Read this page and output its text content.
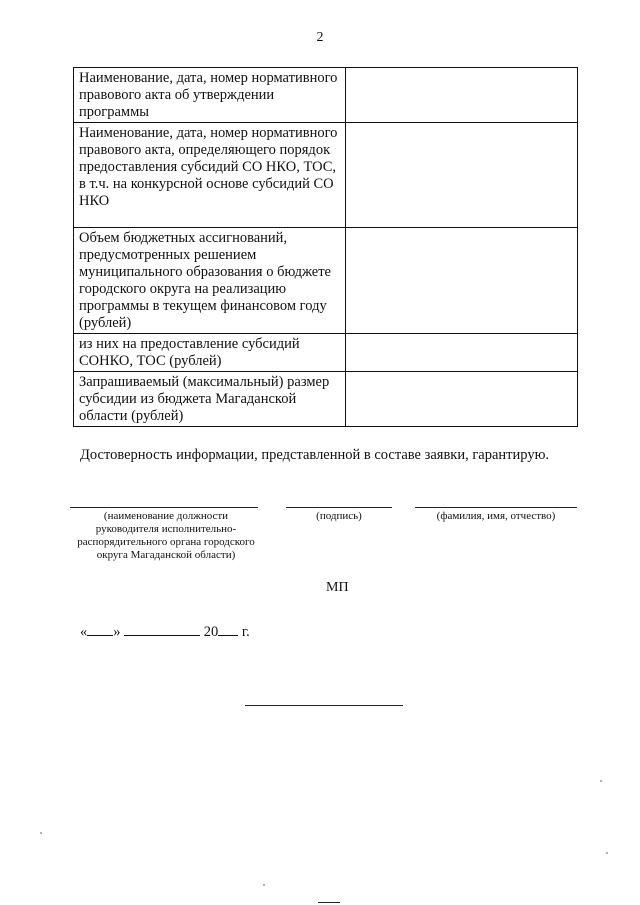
2
Наименование, дата, номер нормативного правового акта об утверждении программы	
Наименование, дата, номер нормативного правового акта, определяющего порядок предоставления субсидий СО НКО, ТОС, в т.ч. на конкурсной основе субсидий СО НКО	
Объем бюджетных ассигнований, предусмотренных решением муниципального образования о бюджете городского округа на реализацию программы в текущем финансовом году (рублей)	
из них на предоставление субсидий СОНКО, ТОС (рублей)	
Запрашиваемый (максимальный) размер субсидии из бюджета Магаданской области (рублей)	
Достоверность информации, представленной в составе заявки, гарантирую.
(наименование должности руководителя исполнительно-распорядительного органа городского округа Магаданской области)
(подпись)	(фамилия, имя, отчество)
МП
« »	20 г.
